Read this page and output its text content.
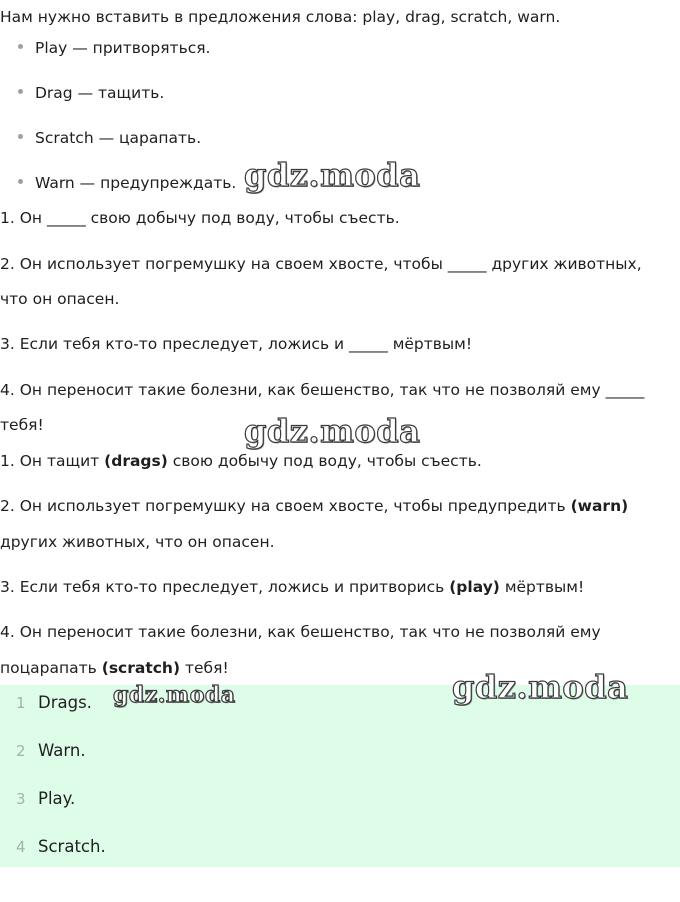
Нам нужно вставить в предложения слова: play, drag, scratch, warn.
Play — притворяться.
Drag — тащить.
Scratch — царапать.
Warn — предупреждать.
1. Он _____ свою добычу под воду, чтобы съесть.
2. Он использует погремушку на своем хвосте, чтобы _____ других животных,
что он опасен.
3. Если тебя кто-то преследует, ложись и _____ мёртвым!
4. Он переносит такие болезни, как бешенство, так что не позволяй ему _____
тебя!
1. Он тащит (drags) свою добычу под воду, чтобы съесть.
2. Он использует погремушку на своем хвосте, чтобы предупредить (warn)
других животных, что он опасен.
3. Если тебя кто-то преследует, ложись и притворись (play) мёртвым!
4. Он переносит такие болезни, как бешенство, так что не позволяй ему
поцарапать (scratch) тебя!
1 Drags.
2 Warn.
3 Play.
4 Scratch.
gdz.moda
gdz.moda
gdz.moda
gdz.moda
